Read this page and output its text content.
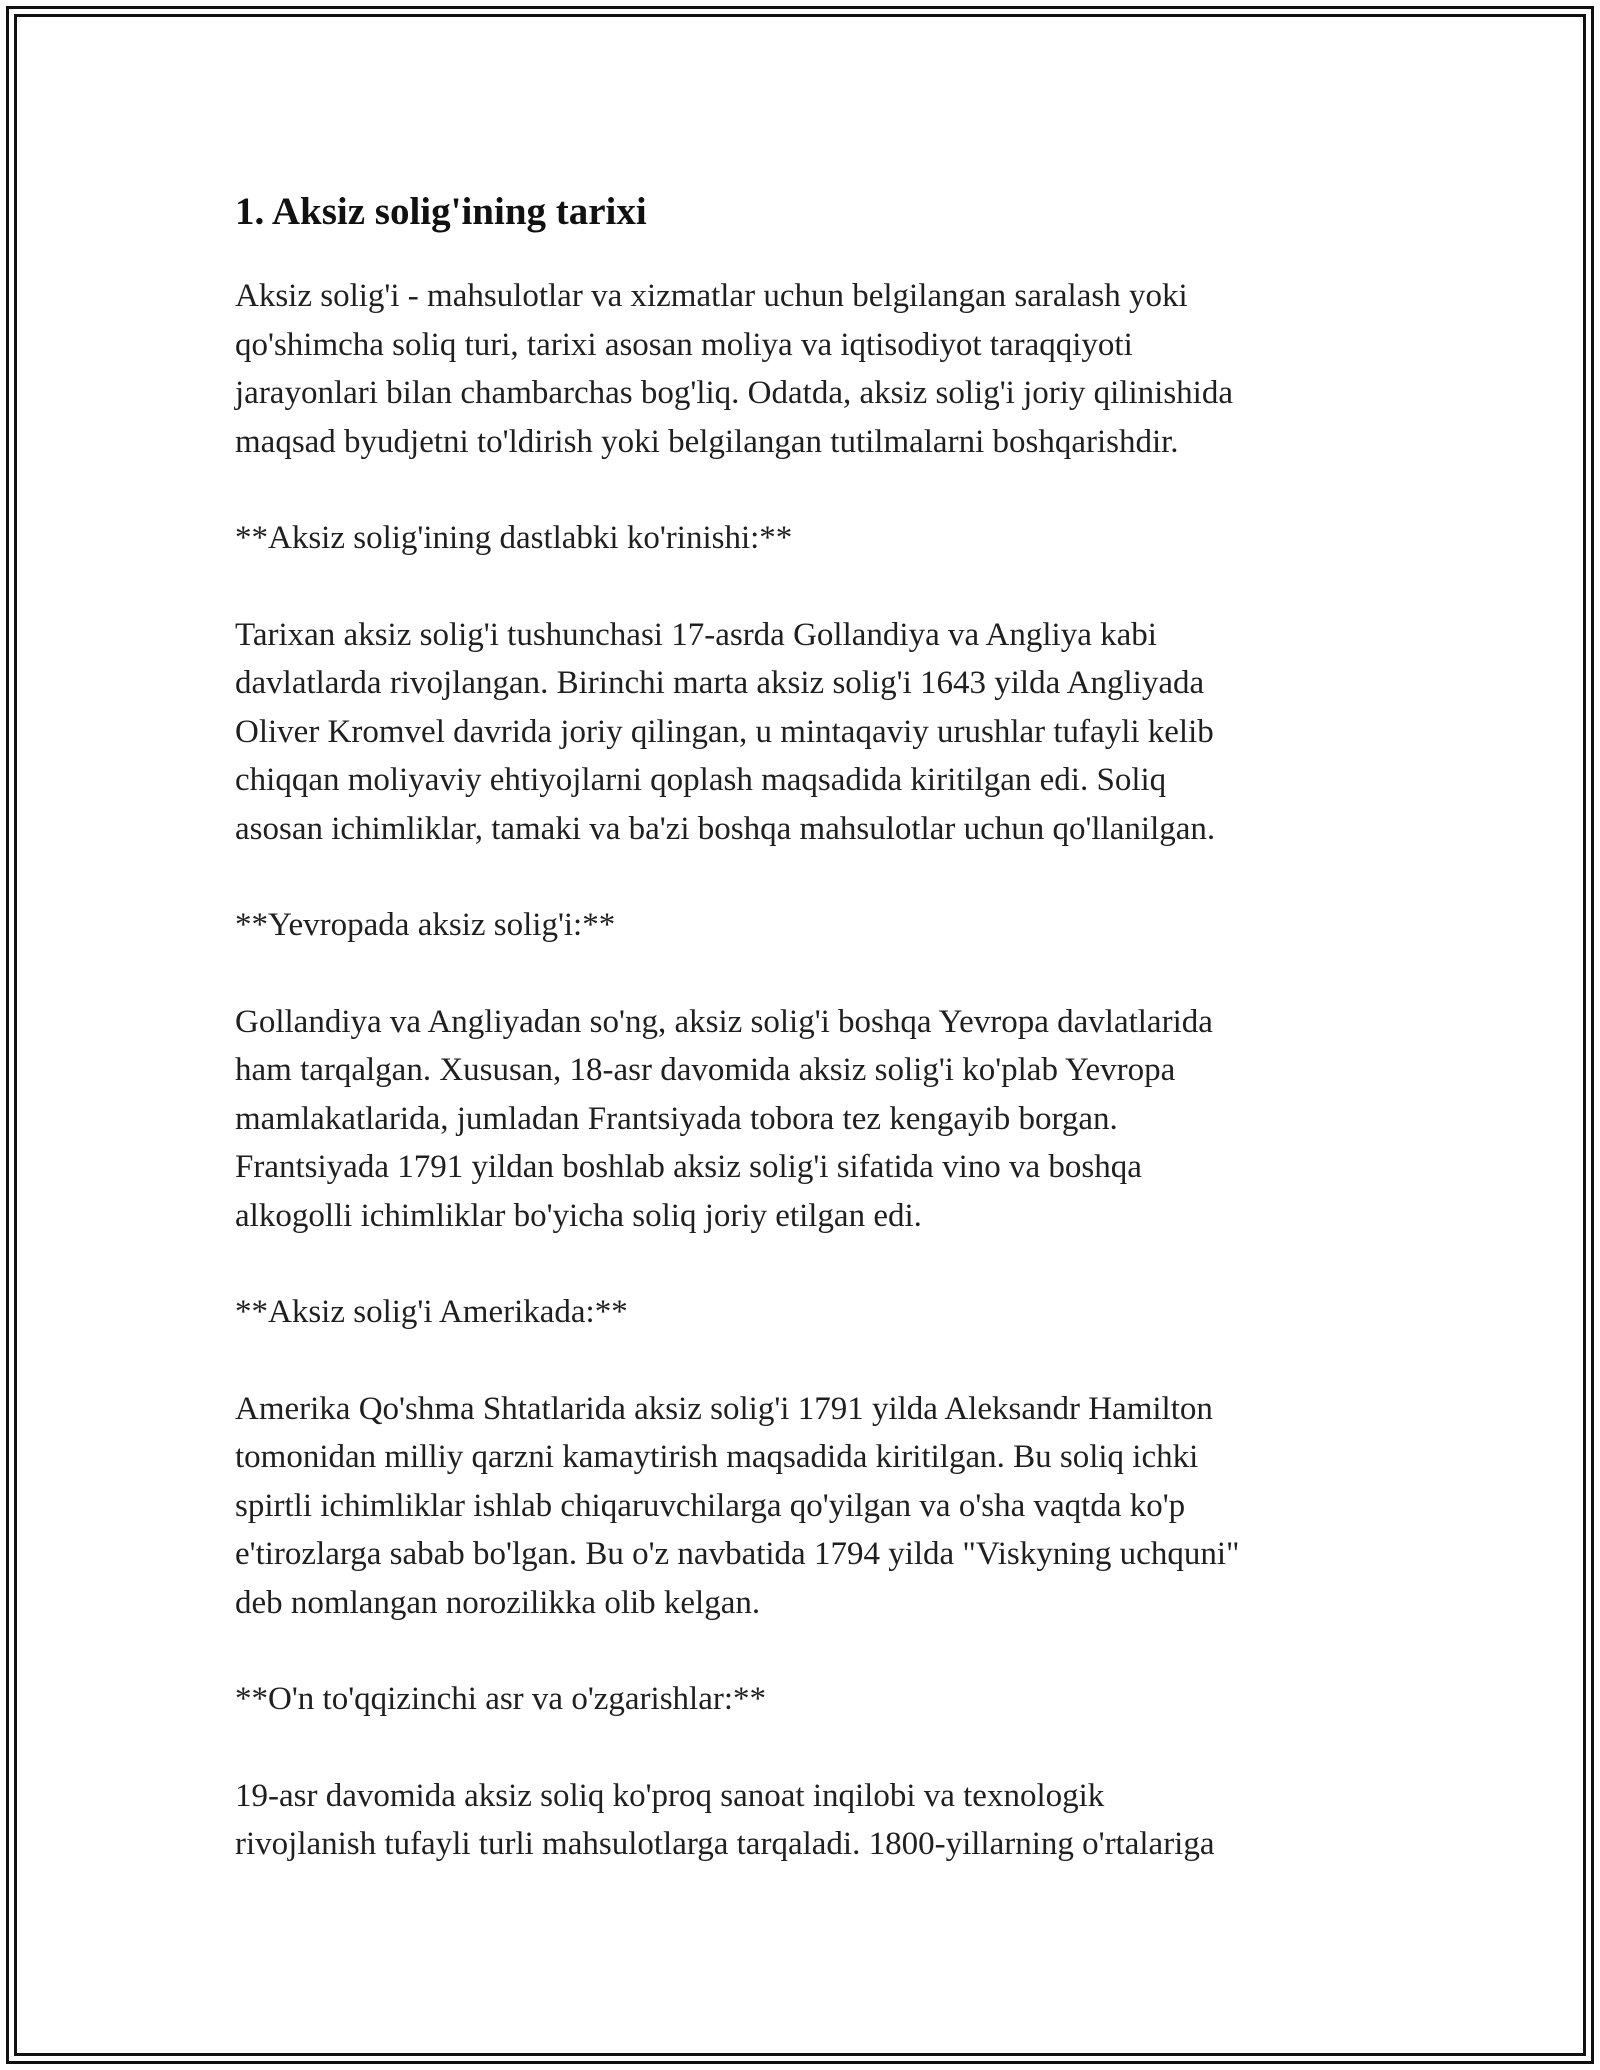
1. Aksiz solig'ining tarixi

Aksiz solig'i - mahsulotlar va xizmatlar uchun belgilangan saralash yoki
qo'shimcha soliq turi, tarixi asosan moliya va iqtisodiyot taraqqiyoti
jarayonlari bilan chambarchas bog'liq. Odatda, aksiz solig'i joriy qilinishida
maqsad byudjetni to'ldirish yoki belgilangan tutilmalarni boshqarishdir.

**Aksiz solig'ining dastlabki ko'rinishi:**

Tarixan aksiz solig'i tushunchasi 17-asrda Gollandiya va Angliya kabi
davlatlarda rivojlangan. Birinchi marta aksiz solig'i 1643 yilda Angliyada
Oliver Kromvel davrida joriy qilingan, u mintaqaviy urushlar tufayli kelib
chiqqan moliyaviy ehtiyojlarni qoplash maqsadida kiritilgan edi. Soliq
asosan ichimliklar, tamaki va ba'zi boshqa mahsulotlar uchun qo'llanilgan.

**Yevropada aksiz solig'i:**

Gollandiya va Angliyadan so'ng, aksiz solig'i boshqa Yevropa davlatlarida
ham tarqalgan. Xususan, 18-asr davomida aksiz solig'i ko'plab Yevropa
mamlakatlarida, jumladan Frantsiyada tobora tez kengayib borgan.
Frantsiyada 1791 yildan boshlab aksiz solig'i sifatida vino va boshqa
alkogolli ichimliklar bo'yicha soliq joriy etilgan edi.

**Aksiz solig'i Amerikada:**

Amerika Qo'shma Shtatlarida aksiz solig'i 1791 yilda Aleksandr Hamilton
tomonidan milliy qarzni kamaytirish maqsadida kiritilgan. Bu soliq ichki
spirtli ichimliklar ishlab chiqaruvchilarga qo'yilgan va o'sha vaqtda ko'p
e'tirozlarga sabab bo'lgan. Bu o'z navbatida 1794 yilda "Viskyning uchquni"
deb nomlangan norozilikka olib kelgan.

**O'n to'qqizinchi asr va o'zgarishlar:**

19-asr davomida aksiz soliq ko'proq sanoat inqilobi va texnologik
rivojlanish tufayli turli mahsulotlarga tarqaladi. 1800-yillarning o'rtalariga
